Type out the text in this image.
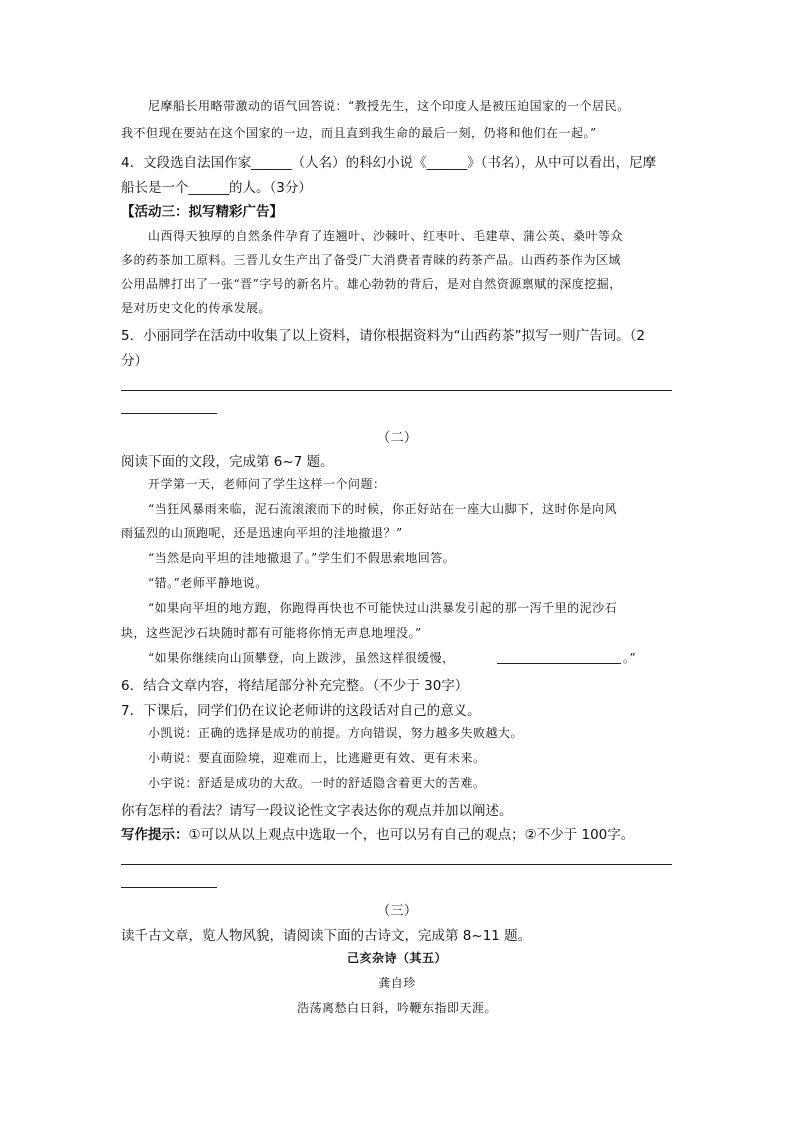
尼摩船长用略带激动的语气回答说：“教授先生，这个印度人是被压迫国家的一个居民。
我不但现在要站在这个国家的一边，而且直到我生命的最后一刻，仍将和他们在一起。”
4．文段选自法国作家______（人名）的科幻小说《______》（书名），从中可以看出，尼摩
船长是一个______的人。（3分）
【活动三：拟写精彩广告】
山西得天独厚的自然条件孕育了连翘叶、沙棘叶、红枣叶、毛建草、蒲公英、桑叶等众
多的药茶加工原料。三晋儿女生产出了备受广大消费者青睐的药茶产品。山西药茶作为区域
公用品牌打出了一张“晋”字号的新名片。雄心勃勃的背后，是对自然资源禀赋的深度挖掘，
是对历史文化的传承发展。
5．小丽同学在活动中收集了以上资料，请你根据资料为“山西药茶”拟写一则广告词。（2
分）
（二）
阅读下面的文段，完成第 6~7 题。
开学第一天，老师问了学生这样一个问题：
“当狂风暴雨来临，泥石流滚滚而下的时候，你正好站在一座大山脚下，这时你是向风
雨猛烈的山顶跑呢，还是迅速向平坦的洼地撤退？”
“当然是向平坦的洼地撤退了。”学生们不假思索地回答。
“错。”老师平静地说。
“如果向平坦的地方跑，你跑得再快也不可能快过山洪暴发引起的那一泻千里的泥沙石
块，这些泥沙石块随时都有可能将你悄无声息地埋没。”
“如果你继续向山顶攀登，向上跋涉，虽然这样很缓慢，	。”
6．结合文章内容，将结尾部分补充完整。（不少于 30字）
7．下课后，同学们仍在议论老师讲的这段话对自己的意义。
小凯说：正确的选择是成功的前提。方向错误，努力越多失败越大。
小萌说：要直面险境，迎难而上，比逃避更有效、更有未来。
小宇说：舒适是成功的大敌。一时的舒适隐含着更大的苦难。
你有怎样的看法？请写一段议论性文字表达你的观点并加以阐述。
写作提示：①可以从以上观点中选取一个，也可以另有自己的观点；②不少于 100字。
（三）
读千古文章，览人物风貌，请阅读下面的古诗文，完成第 8~11 题。
己亥杂诗（其五）
龚自珍
浩荡离愁白日斜，吟鞭东指即天涯。
